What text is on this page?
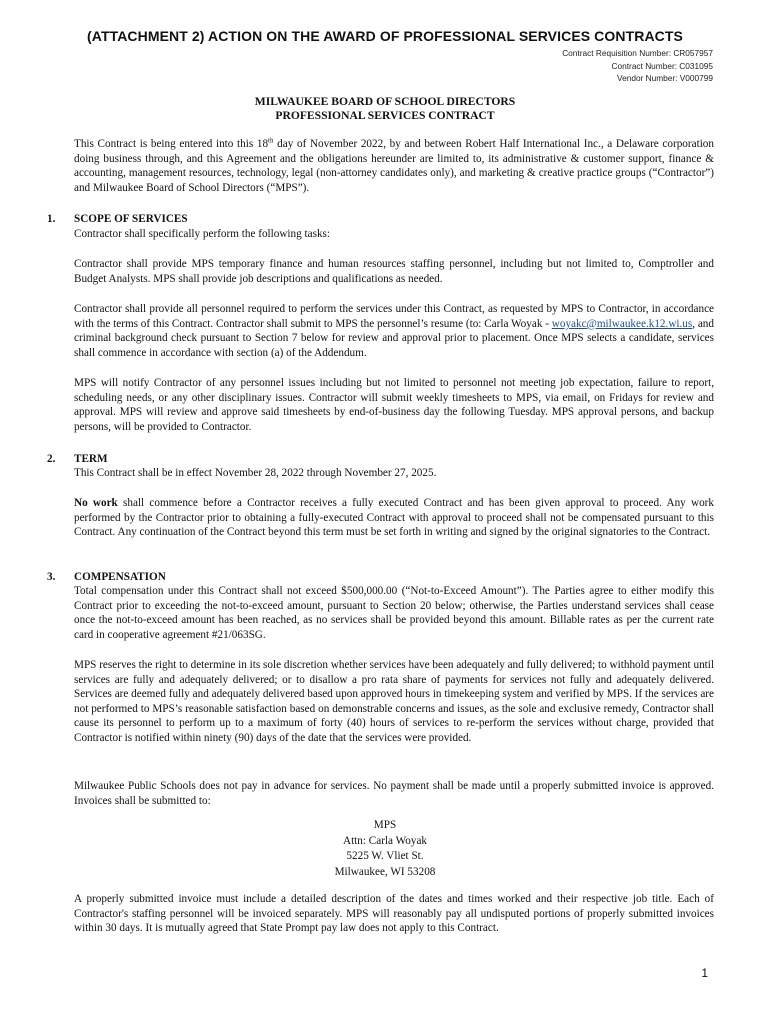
(ATTACHMENT 2) ACTION ON THE AWARD OF PROFESSIONAL SERVICES CONTRACTS
Contract Requisition Number: CR057957
Contract Number: C031095
Vendor Number: V000799
MILWAUKEE BOARD OF SCHOOL DIRECTORS
PROFESSIONAL SERVICES CONTRACT
This Contract is being entered into this 18th day of November 2022, by and between Robert Half International Inc., a Delaware corporation doing business through, and this Agreement and the obligations hereunder are limited to, its administrative & customer support, finance & accounting, management resources, technology, legal (non-attorney candidates only), and marketing & creative practice groups (“Contractor”) and Milwaukee Board of School Directors (“MPS”).
1. SCOPE OF SERVICES
Contractor shall specifically perform the following tasks:
Contractor shall provide MPS temporary finance and human resources staffing personnel, including but not limited to, Comptroller and Budget Analysts. MPS shall provide job descriptions and qualifications as needed.
Contractor shall provide all personnel required to perform the services under this Contract, as requested by MPS to Contractor, in accordance with the terms of this Contract. Contractor shall submit to MPS the personnel’s resume (to: Carla Woyak - woyakc@milwaukee.k12.wi.us, and criminal background check pursuant to Section 7 below for review and approval prior to placement. Once MPS selects a candidate, services shall commence in accordance with section (a) of the Addendum.
MPS will notify Contractor of any personnel issues including but not limited to personnel not meeting job expectation, failure to report, scheduling needs, or any other disciplinary issues. Contractor will submit weekly timesheets to MPS, via email, on Fridays for review and approval. MPS will review and approve said timesheets by end-of-business day the following Tuesday. MPS approval persons, and backup persons, will be provided to Contractor.
2. TERM
This Contract shall be in effect November 28, 2022 through November 27, 2025.
No work shall commence before a Contractor receives a fully executed Contract and has been given approval to proceed. Any work performed by the Contractor prior to obtaining a fully-executed Contract with approval to proceed shall not be compensated pursuant to this Contract. Any continuation of the Contract beyond this term must be set forth in writing and signed by the original signatories to the Contract.
3. COMPENSATION
Total compensation under this Contract shall not exceed $500,000.00 (“Not-to-Exceed Amount”). The Parties agree to either modify this Contract prior to exceeding the not-to-exceed amount, pursuant to Section 20 below; otherwise, the Parties understand services shall cease once the not-to-exceed amount has been reached, as no services shall be provided beyond this amount. Billable rates as per the current rate card in cooperative agreement #21/063SG.
MPS reserves the right to determine in its sole discretion whether services have been adequately and fully delivered; to withhold payment until services are fully and adequately delivered; or to disallow a pro rata share of payments for services not fully and adequately delivered. Services are deemed fully and adequately delivered based upon approved hours in timekeeping system and verified by MPS. If the services are not performed to MPS’s reasonable satisfaction based on demonstrable concerns and issues, as the sole and exclusive remedy, Contractor shall cause its personnel to perform up to a maximum of forty (40) hours of services to re-perform the services without charge, provided that Contractor is notified within ninety (90) days of the date that the services were provided.
Milwaukee Public Schools does not pay in advance for services. No payment shall be made until a properly submitted invoice is approved. Invoices shall be submitted to:
MPS
Attn: Carla Woyak
5225 W. Vliet St.
Milwaukee, WI 53208
A properly submitted invoice must include a detailed description of the dates and times worked and their respective job title. Each of Contractor's staffing personnel will be invoiced separately. MPS will reasonably pay all undisputed portions of properly submitted invoices within 30 days. It is mutually agreed that State Prompt pay law does not apply to this Contract.
1
